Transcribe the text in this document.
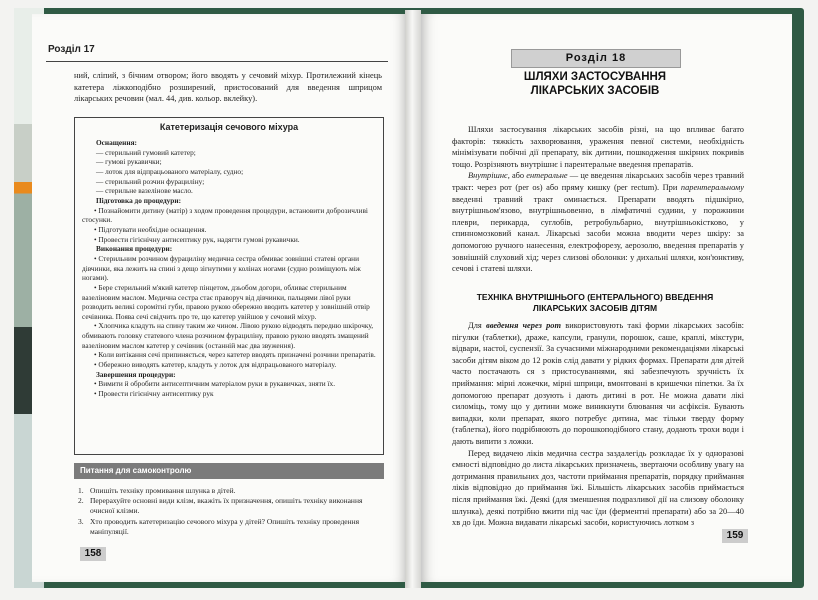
Розділ 17

ний, сліпий, з бічним отвором; його вводять у сечовий міхур. Протилежний кінець катетера ліжкоподібно розширений, пристосований для введення шприцом лікарських речовин (мал. 44, див. кольор. вклейку).

Катетеризація сечового міхура
Оснащення:
— стерильний гумовий катетер;
— гумові рукавички;
— лоток для відпрацьованого матеріалу, судно;
— стерильний розчин фурациліну;
— стерильне вазелінове масло.
Підготовка до процедури:
• Познайомити дитину (матір) з ходом проведення процедури, встановити доброзичливі стосунки.
• Підготувати необхідне оснащення.
• Провести гігієнічну антисептику рук, надягти гумові рукавички.
Виконання процедури:
• Стерильним розчином фурациліну медична сестра обмиває зовнішні статеві органи дівчинки, яка лежить на спині з дещо зігнутими у колінах ногами (судно розміщують між ногами).
• Бере стерильний м'який катетер пінцетом, дзьобом догори, обливає стерильним вазеліновим маслом. Медична сестра стає праворуч від дівчинки, пальцями лівої руки розводить великі соромітні губи, правою рукою обережно вводить катетер у зовнішній отвір сечівника. Поява сечі свідчить про те, що катетер увійшов у сечовий міхур.
• Хлопчика кладуть на спину таким же чином. Лівою рукою відводять передню шкірочку, обмивають головку статевого члена розчином фурациліну, правою рукою вводять змащений вазеліновим маслом катетер у сечівник (останній має два звуження).
• Коли витікання сечі припиняється, через катетер вводять призначені розчини препаратів.
• Обережно виводять катетер, кладуть у лоток для відпрацьованого матеріалу.
Завершення процедури:
• Вимити й обробити антисептичним матеріалом руки в рукавичках, зняти їх.
• Провести гігієнічну антисептику рук
Питання для самоконтролю
1. Опишіть техніку промивання шлунка в дітей.
2. Перерахуйте основні види клізм, вкажіть їх призначення, опишіть техніку виконання очисної клізми.
3. Хто проводить катетеризацію сечового міхура у дітей? Опишіть техніку проведення маніпуляції.
158
Розділ 18
ШЛЯХИ ЗАСТОСУВАННЯ ЛІКАРСЬКИХ ЗАСОБІВ

Шляхи застосування лікарських засобів різні, на що впливає багато факторів: тяжкість захворювання, ураження певної системи, необхідність мінімізувати побічні дії препарату, вік дитини, пошкодження шкірних покривів тощо. Розрізняють внутрішнє і парентеральне введення препаратів.

Внутрішнє, або ентеральне — це введення лікарських засобів через травний тракт: через рот (per os) або пряму кишку (per rectum). При парентеральному введенні травний тракт оминається. Препарати вводять підшкірно, внутрішньом'язово, внутрішньовенно, в лімфатичні судини, у порожнини плеври, перикарда, суглобів, ретробульбарно, внутрішньокістково, у спинномозковий канал. Лікарські засоби можна вводити через шкіру: за допомогою ручного нанесення, електрофорезу, аерозолю, введення препаратів у зовнішній слуховий хід; через слизові оболонки: у дихальні шляхи, кон'юнктиву, сечові і статеві шляхи.

ТЕХНІКА ВНУТРІШНЬОГО (ЕНТЕРАЛЬНОГО) ВВЕДЕННЯ ЛІКАРСЬКИХ ЗАСОБІВ ДІТЯМ

Для введення через рот використовують такі форми лікарських засобів: пігулки (таблетки), драже, капсули, гранули, порошок, саше, краплі, мікстури, відвари, настої, суспензії. За сучасними міжнародними рекомендаціями лікарські засоби дітям віком до 12 років слід давати у рідких формах. Препарати для дітей часто постачають ся з пристосуваннями, які забезпечують зручність їх приймання: мірні ложечки, мірні шприци, вмонтовані в кришечки піпетки. За їх допомогою препарат дозують і дають дитині в рот. Не можна давати лікі силоміць, тому що у дитини може виникнути блювання чи асфіксія. Бувають випадки, коли препарат, якого потребує дитина, має тільки тверду форму (таблетка), його подрібнюють до порошкоподібного стану, додають трохи води і дають випити з ложки.

Перед видачею ліків медична сестра заздалегідь розкладає їх у одноразові ємності відповідно до листа лікарських призначень, звертаючи особливу увагу на дотримання правильних доз, частоти приймання препаратів, порядку приймання ліків відповідно до приймання їжі. Більшість лікарських засобів приймається після приймання їжі. Деякі (для зменшення подразливої дії на слизову оболонку шлунка), деякі потрібно вжити під час їди (ферментні препарати) або за 20—40 хв до їди. Можна видавати лікарські засоби, користуючись лотком з

159
